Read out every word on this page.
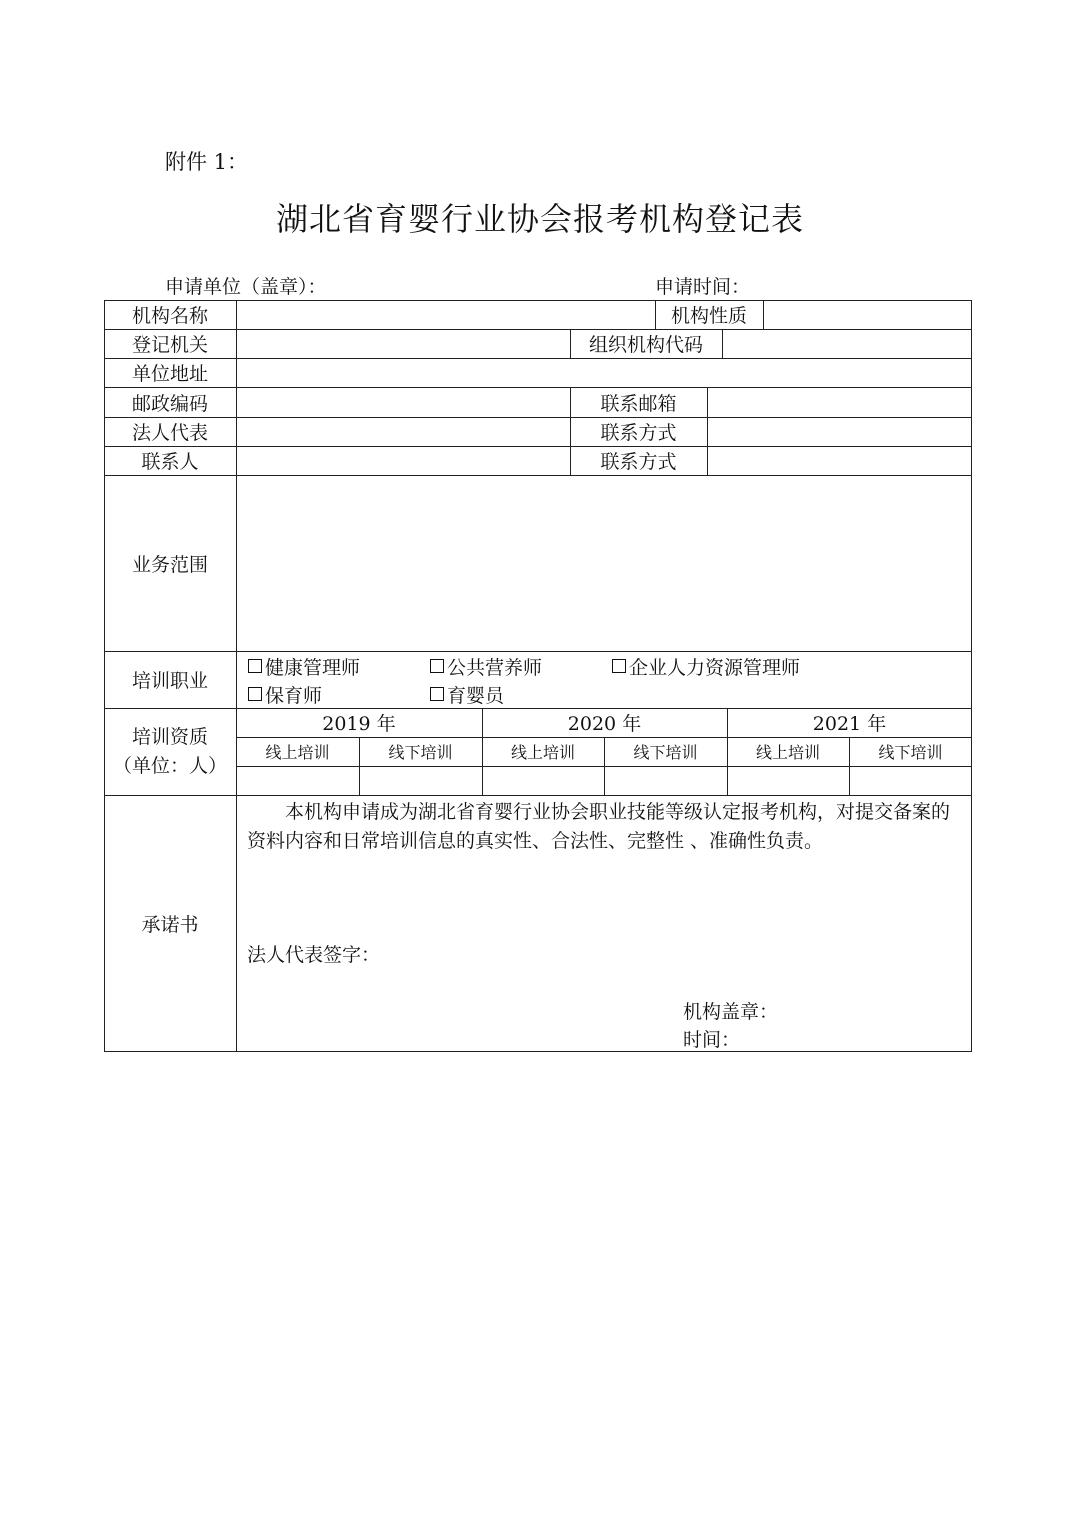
附件 1：
湖北省育婴行业协会报考机构登记表
申请单位（盖章）：	申请时间：
机构名称	机构性质
登记机关	组织机构代码
单位地址
邮政编码	联系邮箱
法人代表	联系方式
联系人	联系方式
业务范围
培训职业
健康管理师	公共营养师	企业人力资源管理师
保育师	育婴员
培训资质
（单位：人）
2019 年	2020 年	2021 年
线上培训	线下培训	线上培训	线下培训	线上培训	线下培训
承诺书
本机构申请成为湖北省育婴行业协会职业技能等级认定报考机构，对提交备案的资料内容和日常培训信息的真实性、合法性、完整性 、准确性负责。
法人代表签字：
机构盖章：
时间：
